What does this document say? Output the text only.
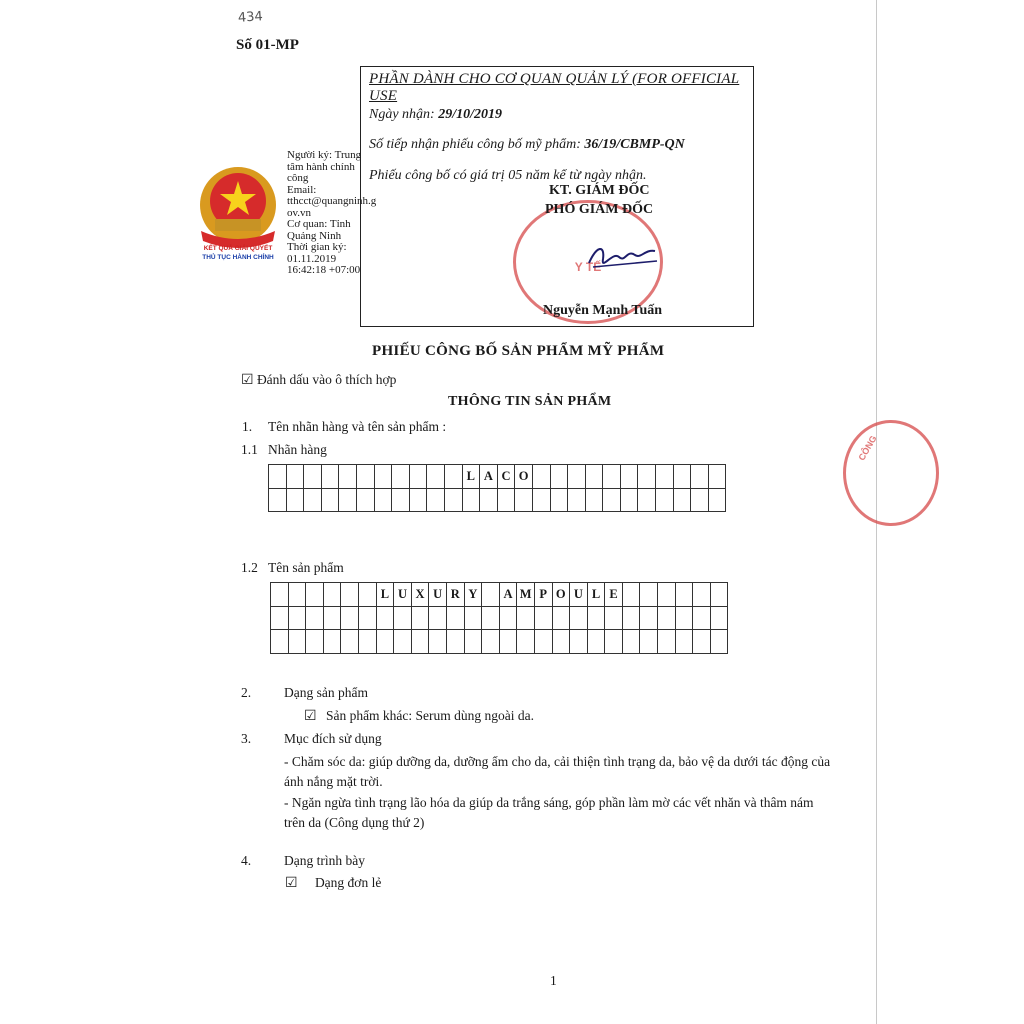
434
Số 01-MP
KẾT QUẢ GIẢI QUYẾT
THỦ TỤC HÀNH CHÍNH
Người ký: Trung tâm hành chính công
Email:
tthcct@quangninh.gov.vn
Cơ quan: Tỉnh Quảng Ninh
Thời gian ký: 01.11.2019 16:42:18 +07:00
PHẦN DÀNH CHO CƠ QUAN QUẢN LÝ (FOR OFFICIAL USE
Ngày nhận: 29/10/2019
Số tiếp nhận phiếu công bố mỹ phẩm: 36/19/CBMP-QN
Phiếu công bố có giá trị 05 năm kể từ ngày nhận.
Y TẾ
KT. GIÁM ĐỐC
PHÓ GIÁM ĐỐC
Nguyễn Mạnh Tuấn
CÔNG
PHIẾU CÔNG BỐ SẢN PHẨM MỸ PHẨM
☑ Đánh dấu vào ô thích hợp
THÔNG TIN SẢN PHẨM
1. Tên nhãn hàng và tên sản phẩm :
1.1 Nhãn hàng
											L	A	C	O											

1.2 Tên sản phẩm
						L	U	X	U	R	Y		A	M	P	O	U	L	E						

2. Dạng sản phẩm
☑ Sản phẩm khác: Serum dùng ngoài da.
3. Mục đích sử dụng
- Chăm sóc da: giúp dưỡng da, dưỡng ẩm cho da, cải thiện tình trạng da, bảo vệ da dưới tác động của
ánh nắng mặt trời.
- Ngăn ngừa tình trạng lão hóa da giúp da trắng sáng, góp phần làm mờ các vết nhăn và thâm nám
trên da (Công dụng thứ 2)
4. Dạng trình bày
☑ Dạng đơn lẻ
1
